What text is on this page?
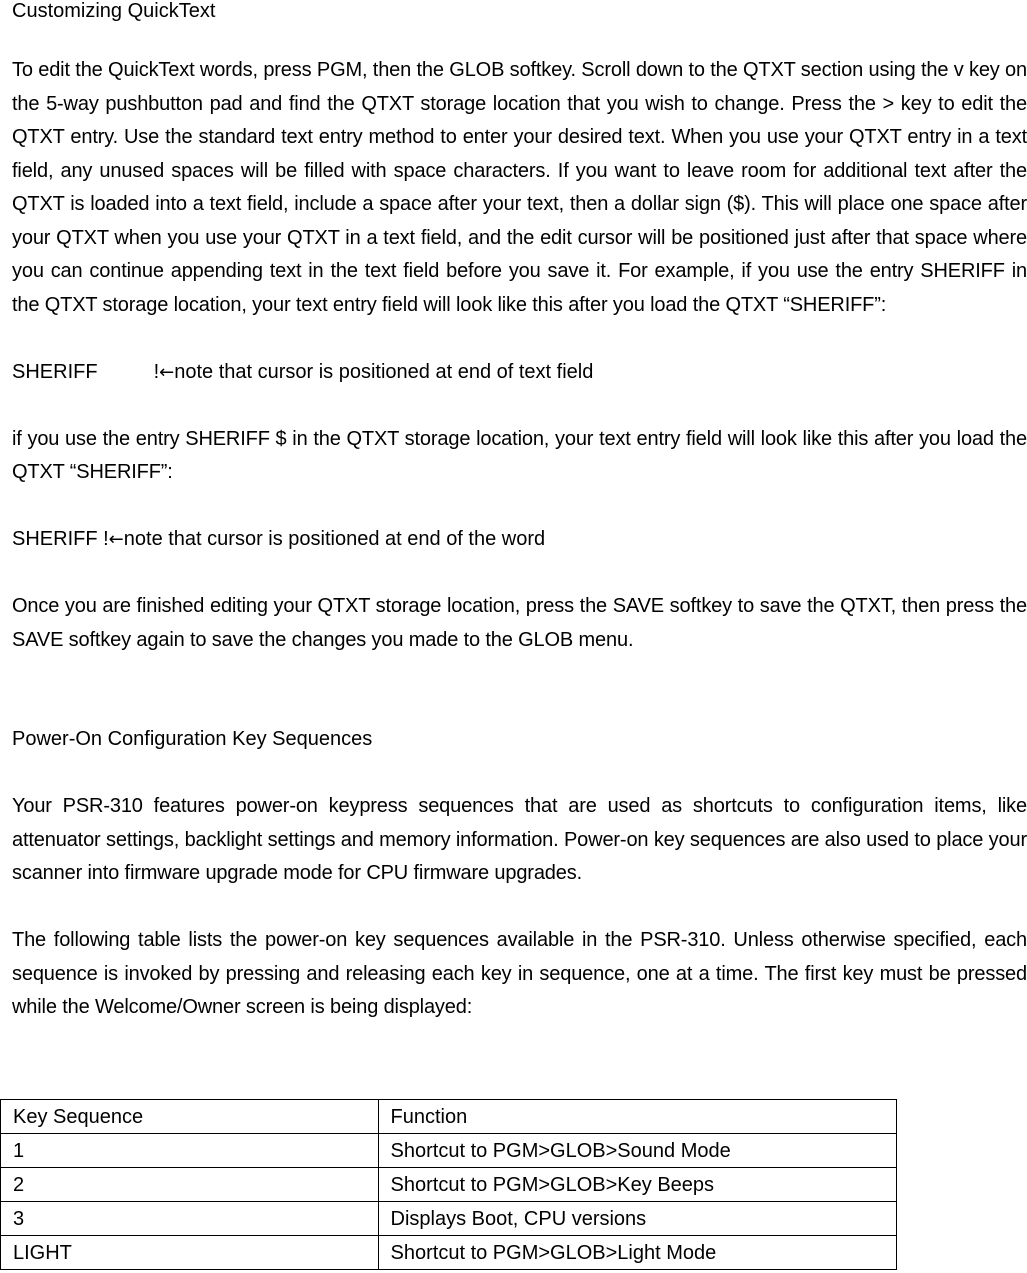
Customizing QuickText

To edit the QuickText words, press PGM, then the GLOB softkey. Scroll down to the QTXT section using the v key on the 5-way pushbutton pad and find the QTXT storage location that you wish to change. Press the > key to edit the QTXT entry. Use the standard text entry method to enter your desired text. When you use your QTXT entry in a text field, any unused spaces will be filled with space characters. If you want to leave room for additional text after the QTXT is loaded into a text field, include a space after your text, then a dollar sign ($). This will place one space after your QTXT when you use your QTXT in a text field, and the edit cursor will be positioned just after that space where you can continue appending text in the text field before you save it. For example, if you use the entry SHERIFF in the QTXT storage location, your text entry field will look like this after you load the QTXT “SHERIFF”:

SHERIFF	!←note that cursor is positioned at end of text field

if you use the entry SHERIFF $ in the QTXT storage location, your text entry field will look like this after you load the QTXT “SHERIFF”:

SHERIFF !←note that cursor is positioned at end of the word

Once you are finished editing your QTXT storage location, press the SAVE softkey to save the QTXT, then press the SAVE softkey again to save the changes you made to the GLOB menu.

Power-On Configuration Key Sequences

Your PSR-310 features power-on keypress sequences that are used as shortcuts to configuration items, like attenuator settings, backlight settings and memory information. Power-on key sequences are also used to place your scanner into firmware upgrade mode for CPU firmware upgrades.

The following table lists the power-on key sequences available in the PSR-310. Unless otherwise specified, each sequence is invoked by pressing and releasing each key in sequence, one at a time. The first key must be pressed while the Welcome/Owner screen is being displayed:

Key Sequence	Function
1	Shortcut to PGM>GLOB>Sound Mode
2	Shortcut to PGM>GLOB>Key Beeps
3	Displays Boot, CPU versions
LIGHT	Shortcut to PGM>GLOB>Light Mode
